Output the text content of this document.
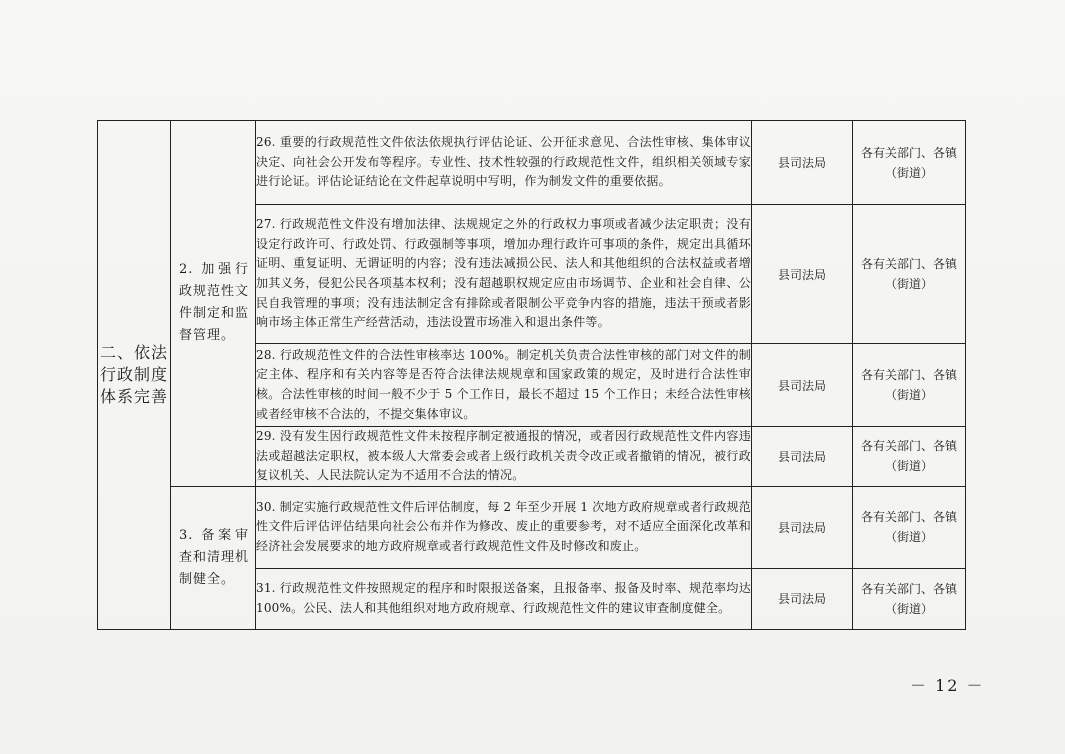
二、依法行政制度体系完善	2. 加强行政规范性文件制定和监督管理。	26. 重要的行政规范性文件依法依规执行评估论证、公开征求意见、合法性审核、集体审议决定、向社会公开发布等程序。专业性、技术性较强的行政规范性文件，组织相关领域专家进行论证。评估论证结论在文件起草说明中写明，作为制发文件的重要依据。	县司法局	各有关部门、各镇（街道）
		27. 行政规范性文件没有增加法律、法规规定之外的行政权力事项或者减少法定职责；没有设定行政许可、行政处罚、行政强制等事项，增加办理行政许可事项的条件，规定出具循环证明、重复证明、无谓证明的内容；没有违法减损公民、法人和其他组织的合法权益或者增加其义务，侵犯公民各项基本权利；没有超越职权规定应由市场调节、企业和社会自律、公民自我管理的事项；没有违法制定含有排除或者限制公平竞争内容的措施，违法干预或者影响市场主体正常生产经营活动，违法设置市场准入和退出条件等。	县司法局	各有关部门、各镇（街道）
		28. 行政规范性文件的合法性审核率达 100%。制定机关负责合法性审核的部门对文件的制定主体、程序和有关内容等是否符合法律法规规章和国家政策的规定，及时进行合法性审核。合法性审核的时间一般不少于 5 个工作日，最长不超过 15 个工作日；未经合法性审核或者经审核不合法的，不提交集体审议。	县司法局	各有关部门、各镇（街道）
		29. 没有发生因行政规范性文件未按程序制定被通报的情况，或者因行政规范性文件内容违法或超越法定职权，被本级人大常委会或者上级行政机关责令改正或者撤销的情况，被行政复议机关、人民法院认定为不适用不合法的情况。	县司法局	各有关部门、各镇（街道）

	3. 备案审查和清理机制健全。	30. 制定实施行政规范性文件后评估制度，每 2 年至少开展 1 次地方政府规章或者行政规范性文件后评估评估结果向社会公布并作为修改、废止的重要参考，对不适应全面深化改革和经济社会发展要求的地方政府规章或者行政规范性文件及时修改和废止。	县司法局	各有关部门、各镇（街道）
		31. 行政规范性文件按照规定的程序和时限报送备案，且报备率、报备及时率、规范率均达 100%。公民、法人和其他组织对地方政府规章、行政规范性文件的建议审查制度健全。	县司法局	各有关部门、各镇（街道）
－ 12 －
